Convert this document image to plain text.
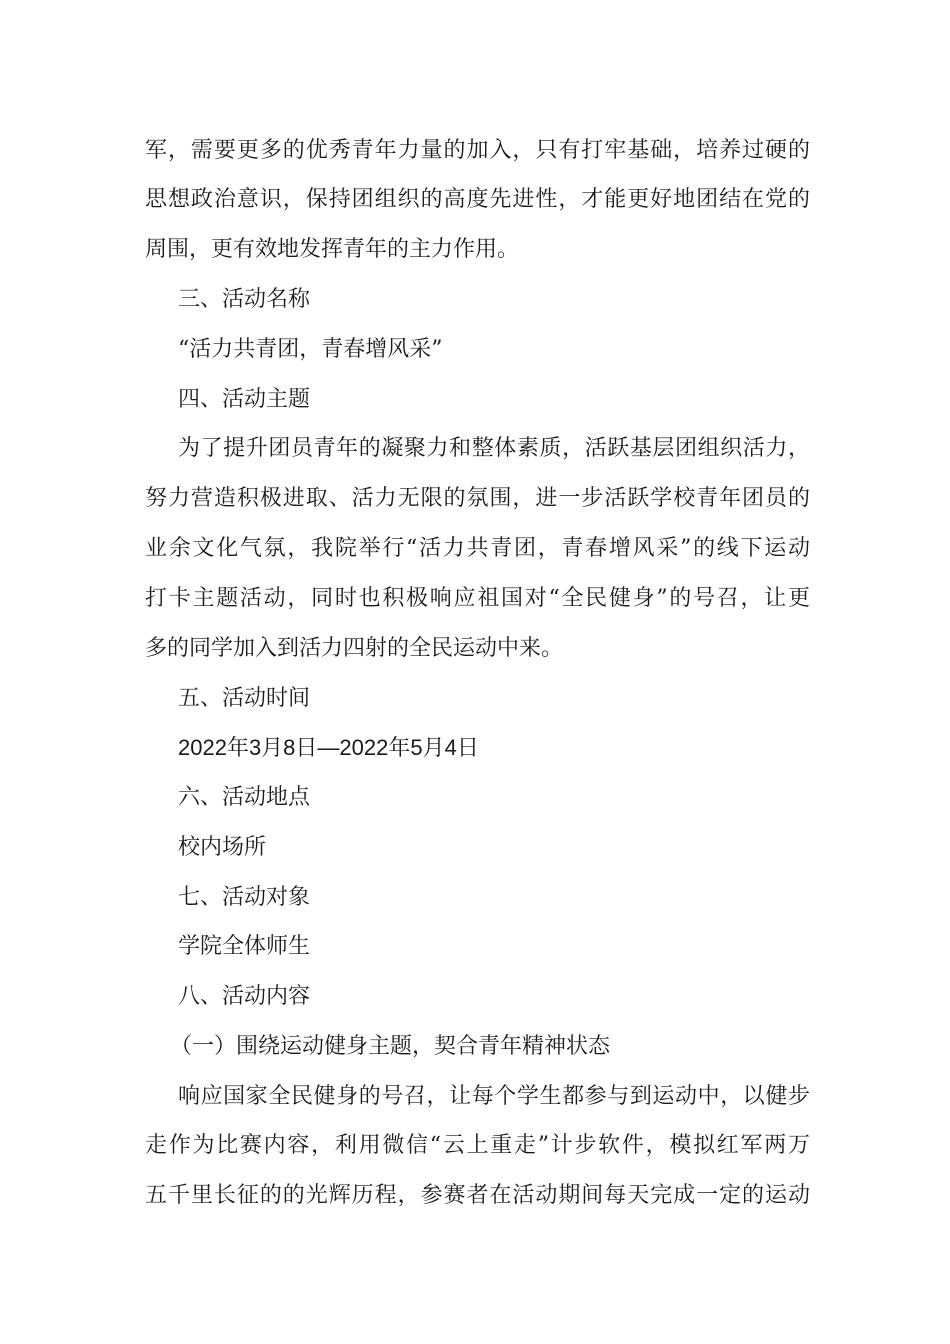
军，需要更多的优秀青年力量的加入，只有打牢基础，培养过硬的
思想政治意识，保持团组织的高度先进性，才能更好地团结在党的
周围，更有效地发挥青年的主力作用。
三、活动名称
“活力共青团，青春增风采”
四、活动主题
为了提升团员青年的凝聚力和整体素质，活跃基层团组织活力，
努力营造积极进取、活力无限的氛围，进一步活跃学校青年团员的
业余文化气氛，我院举行“活力共青团，青春增风采”的线下运动
打卡主题活动，同时也积极响应祖国对“全民健身”的号召，让更
多的同学加入到活力四射的全民运动中来。
五、活动时间
2022年3月8日—2022年5月4日
六、活动地点
校内场所
七、活动对象
学院全体师生
八、活动内容
（一）围绕运动健身主题，契合青年精神状态
响应国家全民健身的号召，让每个学生都参与到运动中，以健步
走作为比赛内容，利用微信“云上重走”计步软件，模拟红军两万
五千里长征的的光辉历程，参赛者在活动期间每天完成一定的运动
